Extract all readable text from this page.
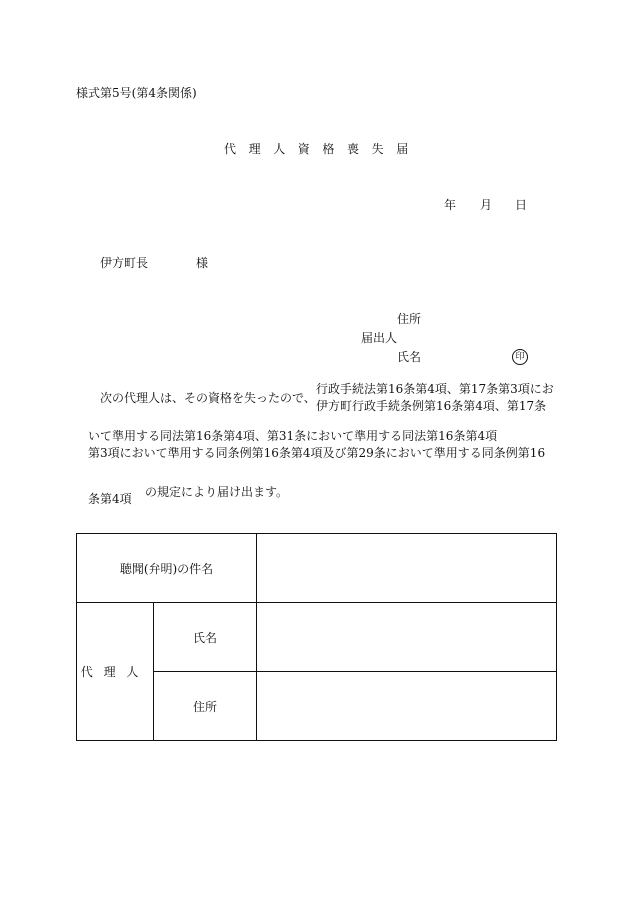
様式第5号(第4条関係)
代理人資格喪失届
年 月 日
伊方町長	様
住所
届出人
氏名	印
次の代理人は、その資格を失ったので、
行政手続法第16条第4項、第17条第3項にお
伊方町行政手続条例第16条第4項、第17条
いて準用する同法第16条第4項、第31条において準用する同法第16条第4項
第3項において準用する同条例第16条第4項及び第29条において準用する同条例第16
条第4項 の規定により届け出ます。
聴聞(弁明)の件名		
代理人	氏名	
	住所	
